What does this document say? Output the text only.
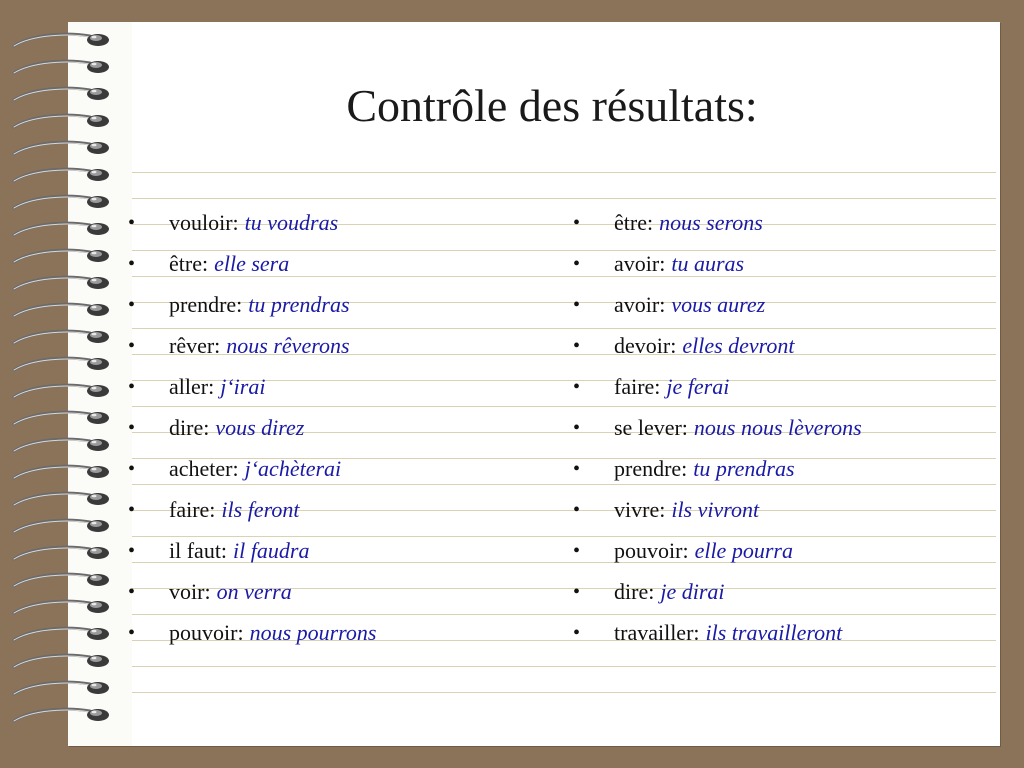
Contrôle des résultats:
•	vouloir: tu voudras
•	être: elle sera
•	prendre: tu prendras
•	rêver: nous rêverons
•	aller: j‘irai
•	dire: vous direz
•	acheter: j‘achèterai
•	faire: ils feront
•	il faut: il faudra
•	voir: on verra
•	pouvoir: nous pourrons
•	être: nous serons
•	avoir: tu auras
•	avoir: vous aurez
•	devoir: elles devront
•	faire: je ferai
•	se lever: nous nous lèverons
•	prendre: tu prendras
•	vivre: ils vivront
•	pouvoir: elle pourra
•	dire: je dirai
•	travailler: ils travailleront
